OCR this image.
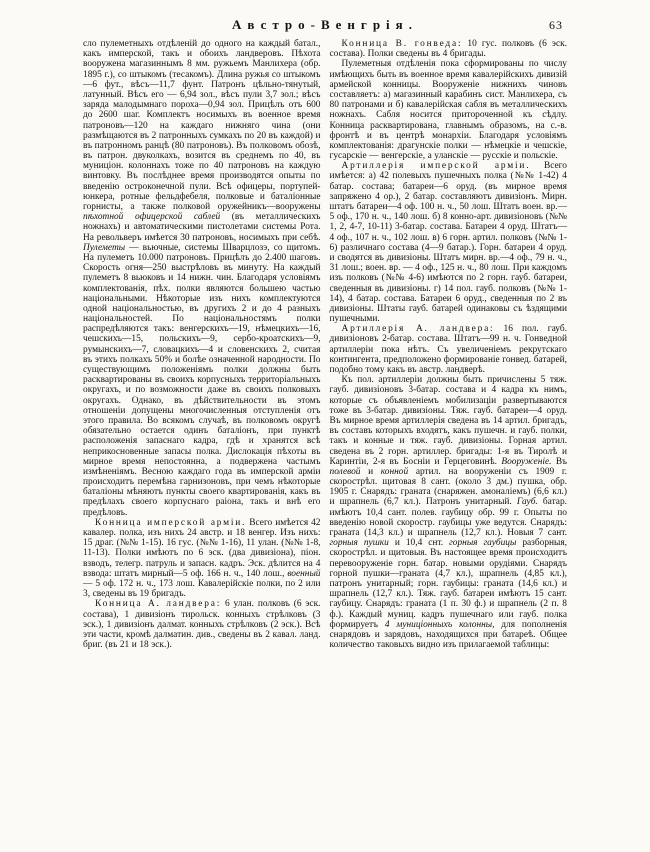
Австро-Венгрія.	63

сло пулеметныхъ отдѣленій до одного на каждый батал., какъ имперской, такъ и обоихъ ландверовъ. Пѣхота вооружена магазиннымъ 8 мм. ружьемъ Манлихера (обр. 1895 г.), со штыкомъ (тесакомъ). Длина ружья со штыкомъ—6 фут., вѣсъ—11,7 фунт. Патронъ цѣльно-тянутый, латунный. Вѣсъ его — 6,94 зол., вѣсъ пули 3,7 зол.; вѣсъ заряда малодымнаго пороха—0,94 зол. Прицѣлъ отъ 600 до 2600 шаг. Комплектъ носимыхъ въ военное время патроновъ—120 на каждаго нижняго чина (они размѣщаются въ 2 патронныхъ сумкахъ по 20 въ каждой) и въ патронномъ ранцѣ (80 патроновъ). Въ полковомъ обозѣ, въ патрон. двуколкахъ, возится въ среднемъ по 40, въ муниціон. колоннахъ тоже по 40 патроновъ на каждую винтовку. Въ послѣднее время производятся опыты по введенію остроконечной пули. Всѣ офицеры, портупей-юнкера, ротные фельдфебеля, полковые и баталіонные горнисты, а также полковой оружейникъ—вооружены пѣхотной офицерской саблей (въ металлическихъ ножнахъ) и автоматическими пистолетами системы Рота. На револьверъ имѣется 30 патроновъ, носимыхъ при себѣ. Пулеметы — вьючные, системы Шварцлозэ, со щитомъ. На пулеметъ 10.000 патроновъ. Прицѣлъ до 2.400 шаговъ. Скорость огня—250 выстрѣловъ въ минуту. На каждый пулеметъ 8 вьюковъ и 14 нижн. чин. Благодаря условіямъ комплектованія, пѣх. полки являются большею частью національными. Нѣкоторые изъ нихъ комплектуются одной національностью, въ другихъ 2 и до 4 разныхъ національностей. По національностямъ полки распредѣляются такъ: венгерскихъ—19, нѣмецкихъ—16, чешскихъ—15, польскихъ—9, сербо-кроатскихъ—9, румынскихъ—7, словацкихъ—4 и словенскихъ 2, считая въ этихъ полкахъ 50% и болѣе означенной народности. По существующимъ положеніямъ полки должны быть расквартированы въ своихъ корпусныхъ территоріальныхъ округахъ, и по возможности даже въ своихъ полковыхъ округахъ. Однако, въ дѣйствительности въ этомъ отношеніи допущены многочисленныя отступленія отъ этого правила. Во всякомъ случаѣ, въ полковомъ округѣ обязательно остается одинъ баталіонъ, при пунктѣ расположенія запаснаго кадра, гдѣ и хранятся всѣ неприкосновенные запасы полка. Дислокація пѣхоты въ мирное время непостоянна, а подвержена частымъ измѣненіямъ. Весною каждаго года въ имперской арміи происходитъ перемѣна гарнизоновъ, при чемъ нѣкоторые баталіоны мѣняютъ пункты своего квартированія, какъ въ предѣлахъ своего корпуснаго раіона, такъ и внѣ его предѣловъ.

Конница имперской арміи. Всего имѣется 42 кавалер. полка, изъ нихъ 24 австр. и 18 венгер. Изъ нихъ: 15 драг. (№№ 1-15). 16 гус. (№№ 1-16), 11 улан. (№№ 1-8, 11-13). Полки имѣютъ по 6 эск. (два дивизіона), піон. взводъ, телегр. патруль и запасн. кадръ. Эск. дѣлится на 4 взвода: штатъ мирный—5 оф. 166 н. ч., 140 лош., военный — 5 оф. 172 н. ч., 173 лош. Кавалерійскіе полки, по 2 или 3, сведены въ 19 бригадъ.

Конница А. ландвера: 6 улан. полковъ (6 эск. состава), 1 дивизіонъ тирольск. конныхъ стрѣлковъ (3 эск.), 1 дивизіонъ далмат. конныхъ стрѣлковъ (2 эск.). Всѣ эти части, кромѣ далматин. див., сведены въ 2 кавал. ланд. бриг. (въ 21 и 18 эск.).

Конница В. гонведа: 10 гус. полковъ (6 эск. состава). Полки сведены въ 4 бригады.

Пулеметныя отдѣленія пока сформированы по числу имѣющихъ быть въ военное время кавалерійскихъ дивизій армейской конницы. Вооруженіе нижнихъ чиновъ составляетъ: а) магазинный карабинъ сист. Манлихера, съ 80 патронами и б) кавалерійская сабля въ металлическихъ ножнахъ. Сабля носится притороченной къ сѣдлу. Конница расквартирована, главнымъ образомъ, на с.-в. фронтѣ и въ центрѣ монархіи. Благодаря условіямъ комплектованія: драгунскіе полки — нѣмецкіе и чешскіе, гусарскіе — венгерскіе, а уланскіе — русскіе и польскіе.

Артиллерія имперской арміи. Всего имѣется: а) 42 полевыхъ пушечныхъ полка (№№ 1-42) 4 батар. состава; батареи—6 оруд. (въ мирное время запряжено 4 ор.), 2 батар. составляютъ дивизіонъ. Мирн. штатъ батареи—4 оф. 100 н. ч., 50 лош. Штатъ воен. вр.—5 оф., 170 н. ч., 140 лош. б) 8 конно-арт. дивизіоновъ (№№ 1, 2, 4-7, 10-11) 3-батар. состава. Батареи 4 оруд. Штатъ—4 оф., 107 н. ч., 102 лош. в) 6 горн. артил. полковъ (№№ 1-6) различнаго состава (4—9 батар.). Горн. батареи 4 оруд. и сводятся въ дивизіоны. Штатъ мирн. вр.—4 оф., 79 н. ч., 31 лош.; воен. вр. — 4 оф., 125 н. ч., 80 лош. При каждомъ изъ полковъ (№№ 4-6) имѣются по 2 горн. гауб. батареи, сведенныя въ дивизіоны. г) 14 пол. гауб. полковъ (№№ 1-14), 4 батар. состава. Батареи 6 оруд., сведенныя по 2 въ дивизіоны. Штаты гауб. батарей одинаковы съ ѣздящими пушечными.

Артиллерія А. ландвера: 16 пол. гауб. дивизіоновъ 2-батар. состава. Штатъ—99 н. ч. Гонведной артиллеріи пока нѣтъ. Съ увеличеніемъ рекрутскаго контингента, предположено формированіе гонвед. батарей, подобно тому какъ въ австр. ландверѣ.

Къ пол. артиллеріи должны быть причислены 5 тяж. гауб. дивизіоновъ 3-батар. состава и 4 кадра къ нимъ, которые съ объявленіемъ мобилизаціи развертываются тоже въ 3-батар. дивизіоны. Тяж. гауб. батареи—4 оруд. Въ мирное время артиллерія сведена въ 14 артил. бригадъ, въ составъ которыхъ входятъ, какъ пушечн. и гауб. полки, такъ и конные и тяж. гауб. дивизіоны. Горная артил. сведена въ 2 горн. артиллер. бригады: 1-я въ Тиролѣ и Каринтіи, 2-я въ Босніи и Герцеговинѣ. Вооруженіе. Въ полевой и конной артил. на вооруженіи съ 1909 г. скорострѣл. щитовая 8 сант. (около 3 дм.) пушка, обр. 1905 г. Снарядъ: граната (снаряжен. амоналіемъ) (6,6 кл.) и шрапнель (6,7 кл.). Патронъ унитарный. Гауб. батар. имѣютъ 10,4 сант. полев. гаубицу обр. 99 г. Опыты по введенію новой скоростр. гаубицы уже ведутся. Снарядъ: граната (14,3 кл.) и шрапнель (12,7 кл.). Новыя 7 сант. горныя пушки и 10,4 снт. горныя гаубицы разборныя, скорострѣл. и щитовыя. Въ настоящее время происходитъ перевооруженіе горн. батар. новыми орудіями. Снарядъ горной пушки—граната (4,7 кл.), шрапнель (4,85 кл.), патронъ унитарный; горн. гаубицы: граната (14,6 кл.) и шрапнель (12,7 кл.). Тяж. гауб. батареи имѣютъ 15 сант. гаубицу. Снарядъ: граната (1 п. 30 ф.) и шрапнель (2 п. 8 ф.). Каждый муниц. кадръ пушечнаго или гауб. полка формируетъ 4 муниціонныхъ колонны, для пополненія снарядовъ и зарядовъ, находящихся при батареѣ. Общее количество таковыхъ видно изъ прилагаемой таблицы:
